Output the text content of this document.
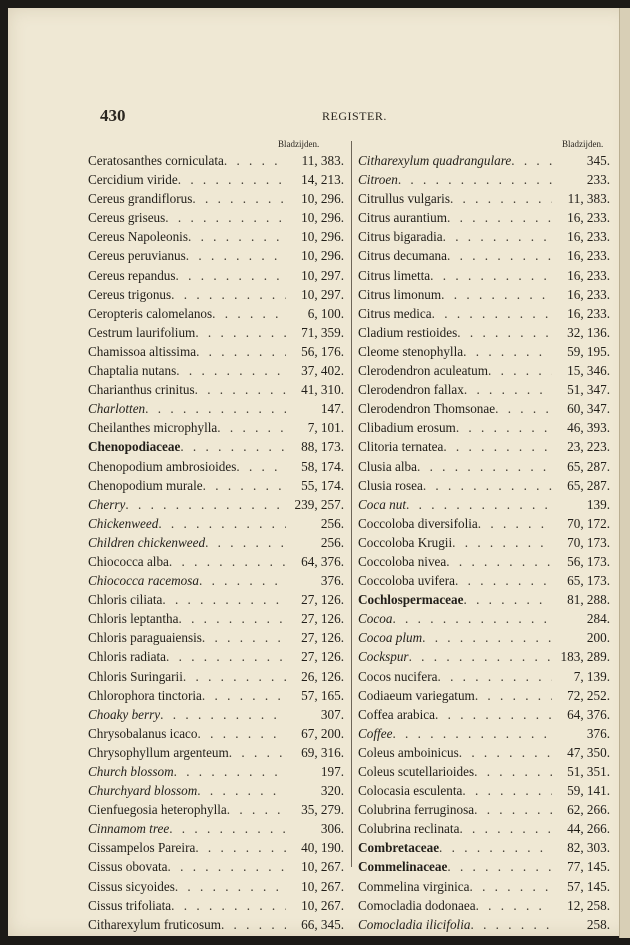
430	REGISTER.
Bladzijden.	Bladzijden.
Ceratosanthes corniculata . . .	11, 383.
Cercidium viride . . .	14, 213.
Cereus grandiflorus . . .	10, 296.
Cereus griseus . . .	10, 296.
Cereus Napoleonis . . .	10, 296.
Cereus peruvianus . . .	10, 296.
Cereus repandus . . .	10, 297.
Cereus trigonus . . .	10, 297.
Ceropteris calomelanos . . .	6, 100.
Cestrum laurifolium . . .	71, 359.
Chamissoa altissima . . .	56, 176.
Chaptalia nutans . . .	37, 402.
Charianthus crinitus . . .	41, 310.
Charlotten . . .	147.
Cheilanthes microphylla . . .	7, 101.
Chenopodiaceae . . .	88, 173.
Chenopodium ambrosioides . . .	58, 174.
Chenopodium murale . . .	55, 174.
Cherry . . .	239, 257.
Chickenweed . . .	256.
Children chickenweed . . .	256.
Chiococca alba . . .	64, 376.
Chiococca racemosa . . .	376.
Chloris ciliata . . .	27, 126.
Chloris leptantha . . .	27, 126.
Chloris paraguaiensis . . .	27, 126.
Chloris radiata . . .	27, 126.
Chloris Suringarii . . .	26, 126.
Chlorophora tinctoria . . .	57, 165.
Choaky berry . . .	307.
Chrysobalanus icaco . . .	67, 200.
Chrysophyllum argenteum . . .	69, 316.
Church blossom . . .	197.
Churchyard blossom . . .	320.
Cienfuegosia heterophylla . . .	35, 279.
Cinnamom tree . . .	306.
Cissampelos Pareira . . .	40, 190.
Cissus obovata . . .	10, 267.
Cissus sicyoides . . .	10, 267.
Cissus trifoliata . . .	10, 267.
Citharexylum fruticosum . . .	66, 345.
Citharexylum quadrangulare . . .	345.
Citroen . . .	233.
Citrullus vulgaris . . .	11, 383.
Citrus aurantium . . .	16, 233.
Citrus bigaradia . . .	16, 233.
Citrus decumana . . .	16, 233.
Citrus limetta . . .	16, 233.
Citrus limonum . . .	16, 233.
Citrus medica . . .	16, 233.
Cladium restioides . . .	32, 136.
Cleome stenophylla . . .	59, 195.
Clerodendron aculeatum . . .	15, 346.
Clerodendron fallax . . .	51, 347.
Clerodendron Thomsonae . . .	60, 347.
Clibadium erosum . . .	46, 393.
Clitoria ternatea . . .	23, 223.
Clusia alba . . .	65, 287.
Clusia rosea . . .	65, 287.
Coca nut . . .	139.
Coccoloba diversifolia . . .	70, 172.
Coccoloba Krugii . . .	70, 173.
Coccoloba nivea . . .	56, 173.
Coccoloba uvifera . . .	65, 173.
Cochlospermaceae . . .	81, 288.
Cocoa . . .	284.
Cocoa plum . . .	200.
Cockspur . . .	183, 289.
Cocos nucifera . . .	7, 139.
Codiaeum variegatum . . .	72, 252.
Coffea arabica . . .	64, 376.
Coffee . . .	376.
Coleus amboinicus . . .	47, 350.
Coleus scutellarioides . . .	51, 351.
Colocasia esculenta . . .	59, 141.
Colubrina ferruginosa . . .	62, 266.
Colubrina reclinata . . .	44, 266.
Combretaceae . . .	82, 303.
Commelinaceae . . .	77, 145.
Commelina virginica . . .	57, 145.
Comocladia dodonaea . . .	12, 258.
Comocladia ilicifolia . . .	258.
